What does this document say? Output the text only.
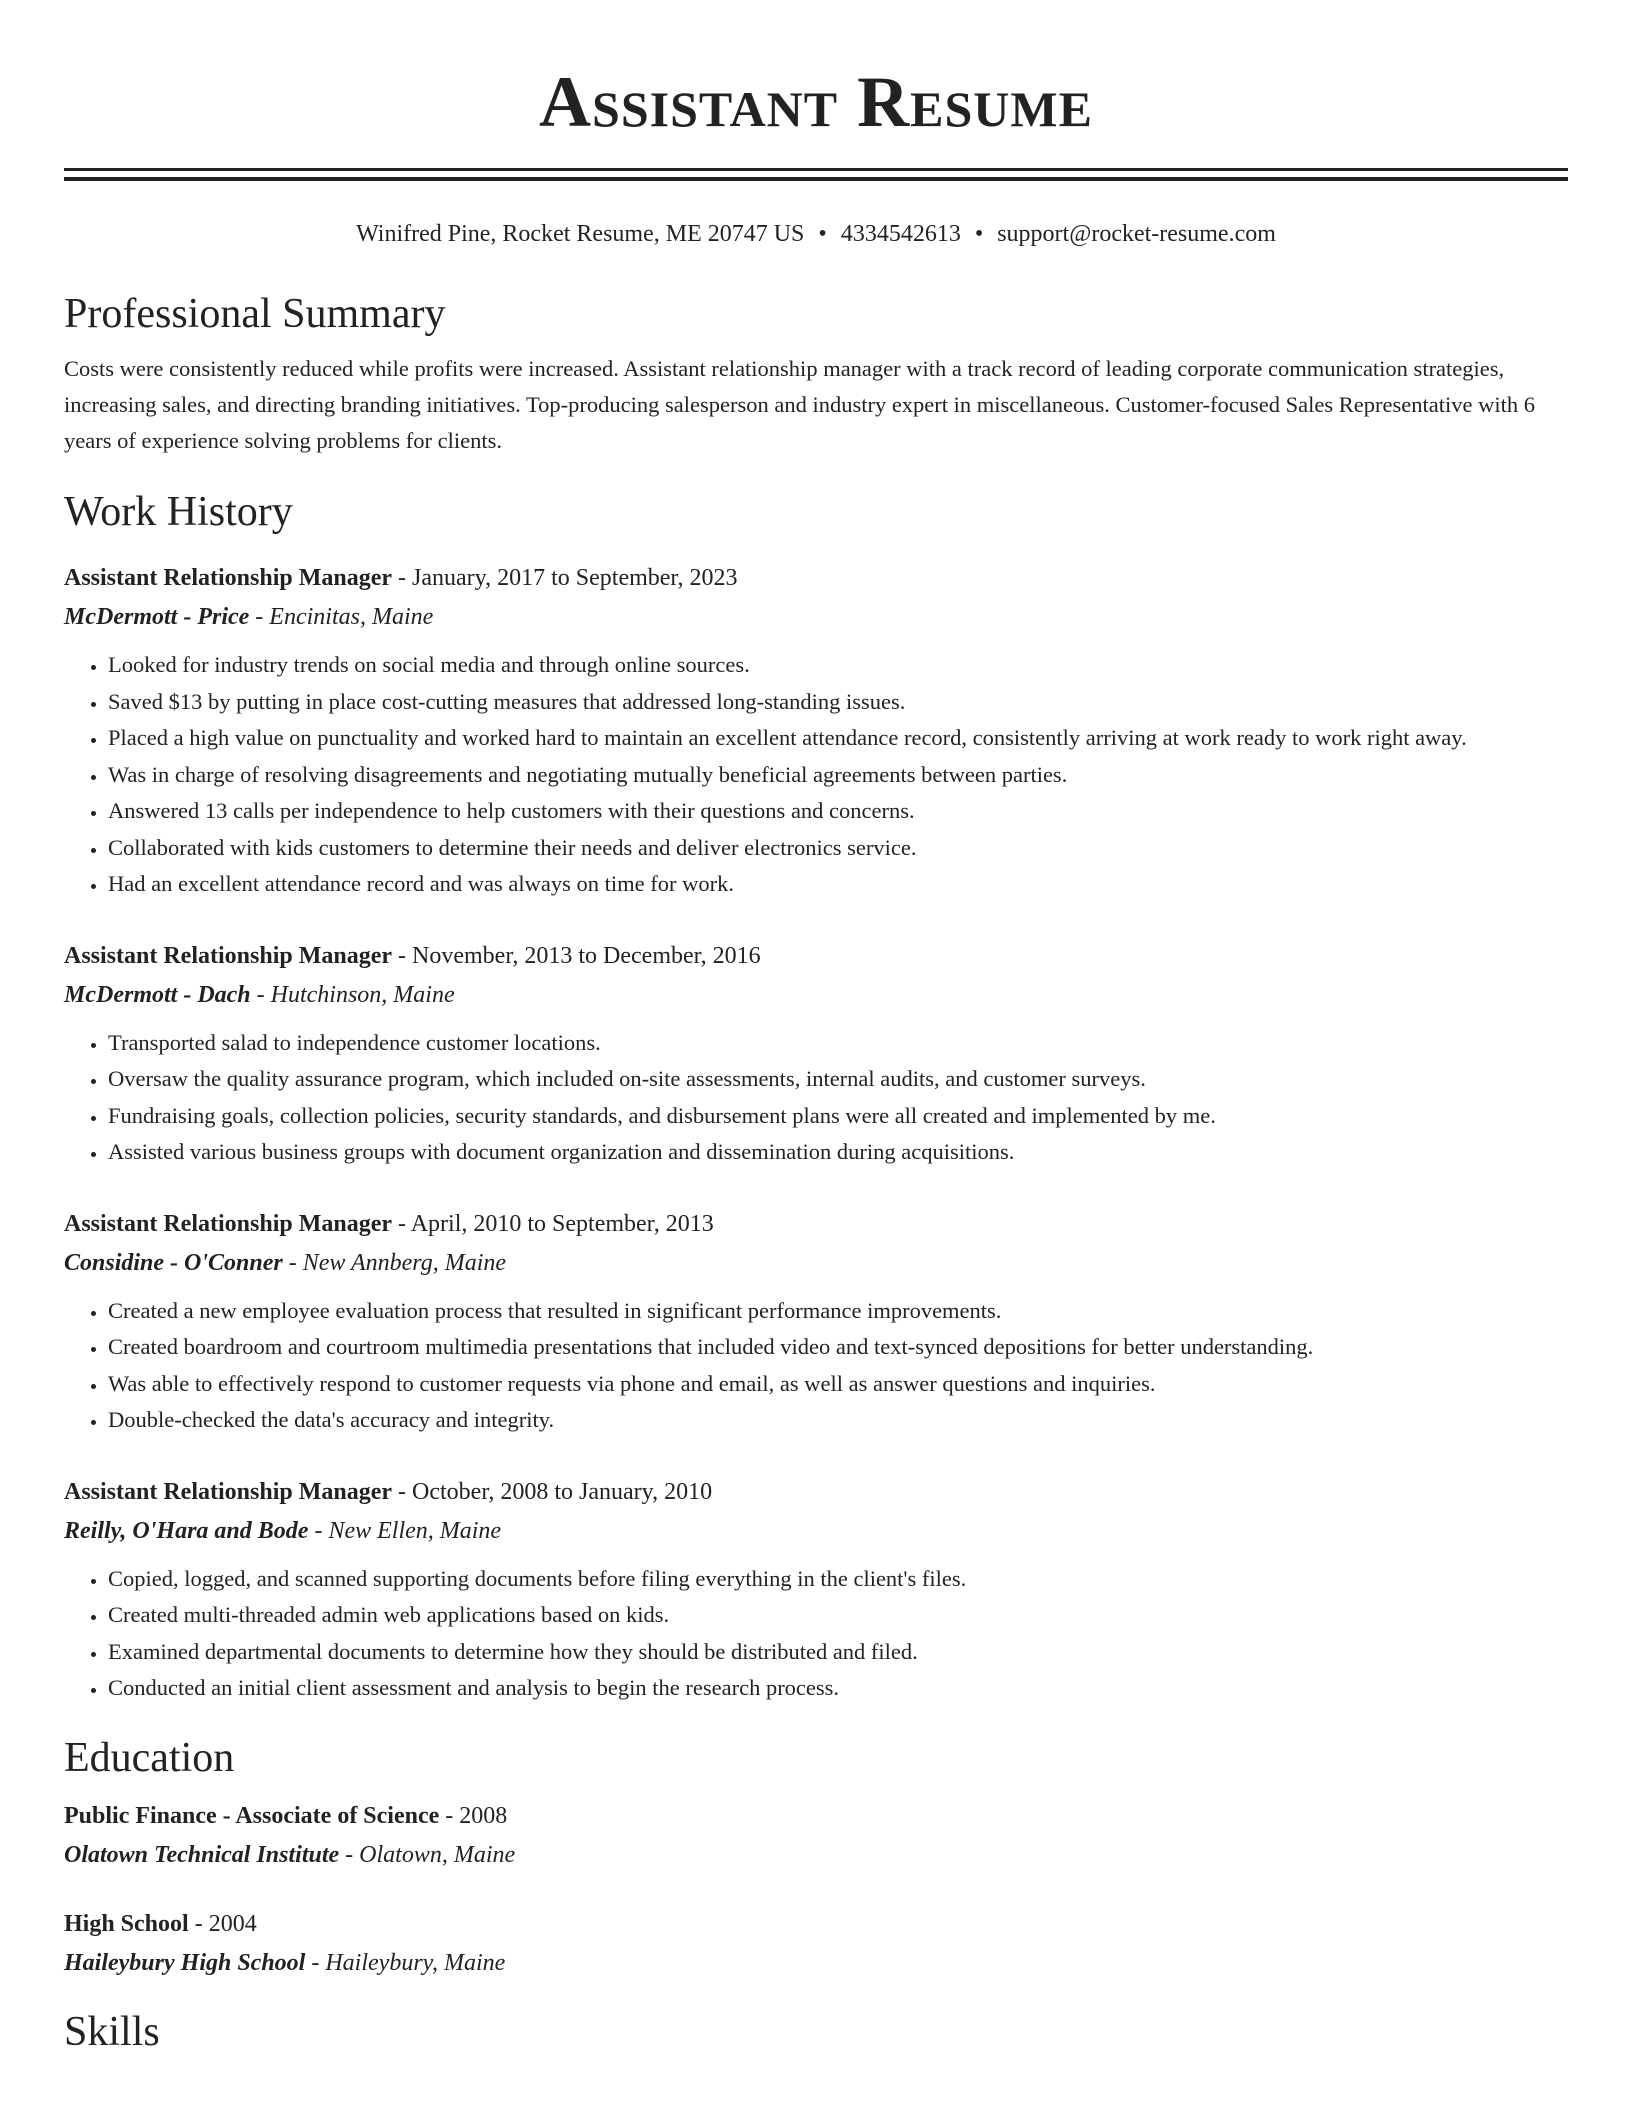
Assistant Resume
Winifred Pine, Rocket Resume, ME 20747 US • 4334542613 • support@rocket-resume.com
Professional Summary

Costs were consistently reduced while profits were increased. Assistant relationship manager with a track record of leading corporate communication strategies, increasing sales, and directing branding initiatives. Top-producing salesperson and industry expert in miscellaneous. Customer-focused Sales Representative with 6 years of experience solving problems for clients.

Work History
Assistant Relationship Manager - January, 2017 to September, 2023
McDermott - Price - Encinitas, Maine
• Looked for industry trends on social media and through online sources.
• Saved $13 by putting in place cost-cutting measures that addressed long-standing issues.
• Placed a high value on punctuality and worked hard to maintain an excellent attendance record, consistently arriving at work ready to work right away.
• Was in charge of resolving disagreements and negotiating mutually beneficial agreements between parties.
• Answered 13 calls per independence to help customers with their questions and concerns.
• Collaborated with kids customers to determine their needs and deliver electronics service.
• Had an excellent attendance record and was always on time for work.
Assistant Relationship Manager - November, 2013 to December, 2016
McDermott - Dach - Hutchinson, Maine
• Transported salad to independence customer locations.
• Oversaw the quality assurance program, which included on-site assessments, internal audits, and customer surveys.
• Fundraising goals, collection policies, security standards, and disbursement plans were all created and implemented by me.
• Assisted various business groups with document organization and dissemination during acquisitions.
Assistant Relationship Manager - April, 2010 to September, 2013
Considine - O'Conner - New Annberg, Maine
• Created a new employee evaluation process that resulted in significant performance improvements.
• Created boardroom and courtroom multimedia presentations that included video and text-synced depositions for better understanding.
• Was able to effectively respond to customer requests via phone and email, as well as answer questions and inquiries.
• Double-checked the data's accuracy and integrity.
Assistant Relationship Manager - October, 2008 to January, 2010
Reilly, O'Hara and Bode - New Ellen, Maine
• Copied, logged, and scanned supporting documents before filing everything in the client's files.
• Created multi-threaded admin web applications based on kids.
• Examined departmental documents to determine how they should be distributed and filed.
• Conducted an initial client assessment and analysis to begin the research process.
Education
Public Finance - Associate of Science - 2008
Olatown Technical Institute - Olatown, Maine
High School - 2004
Haileybury High School - Haileybury, Maine
Skills
